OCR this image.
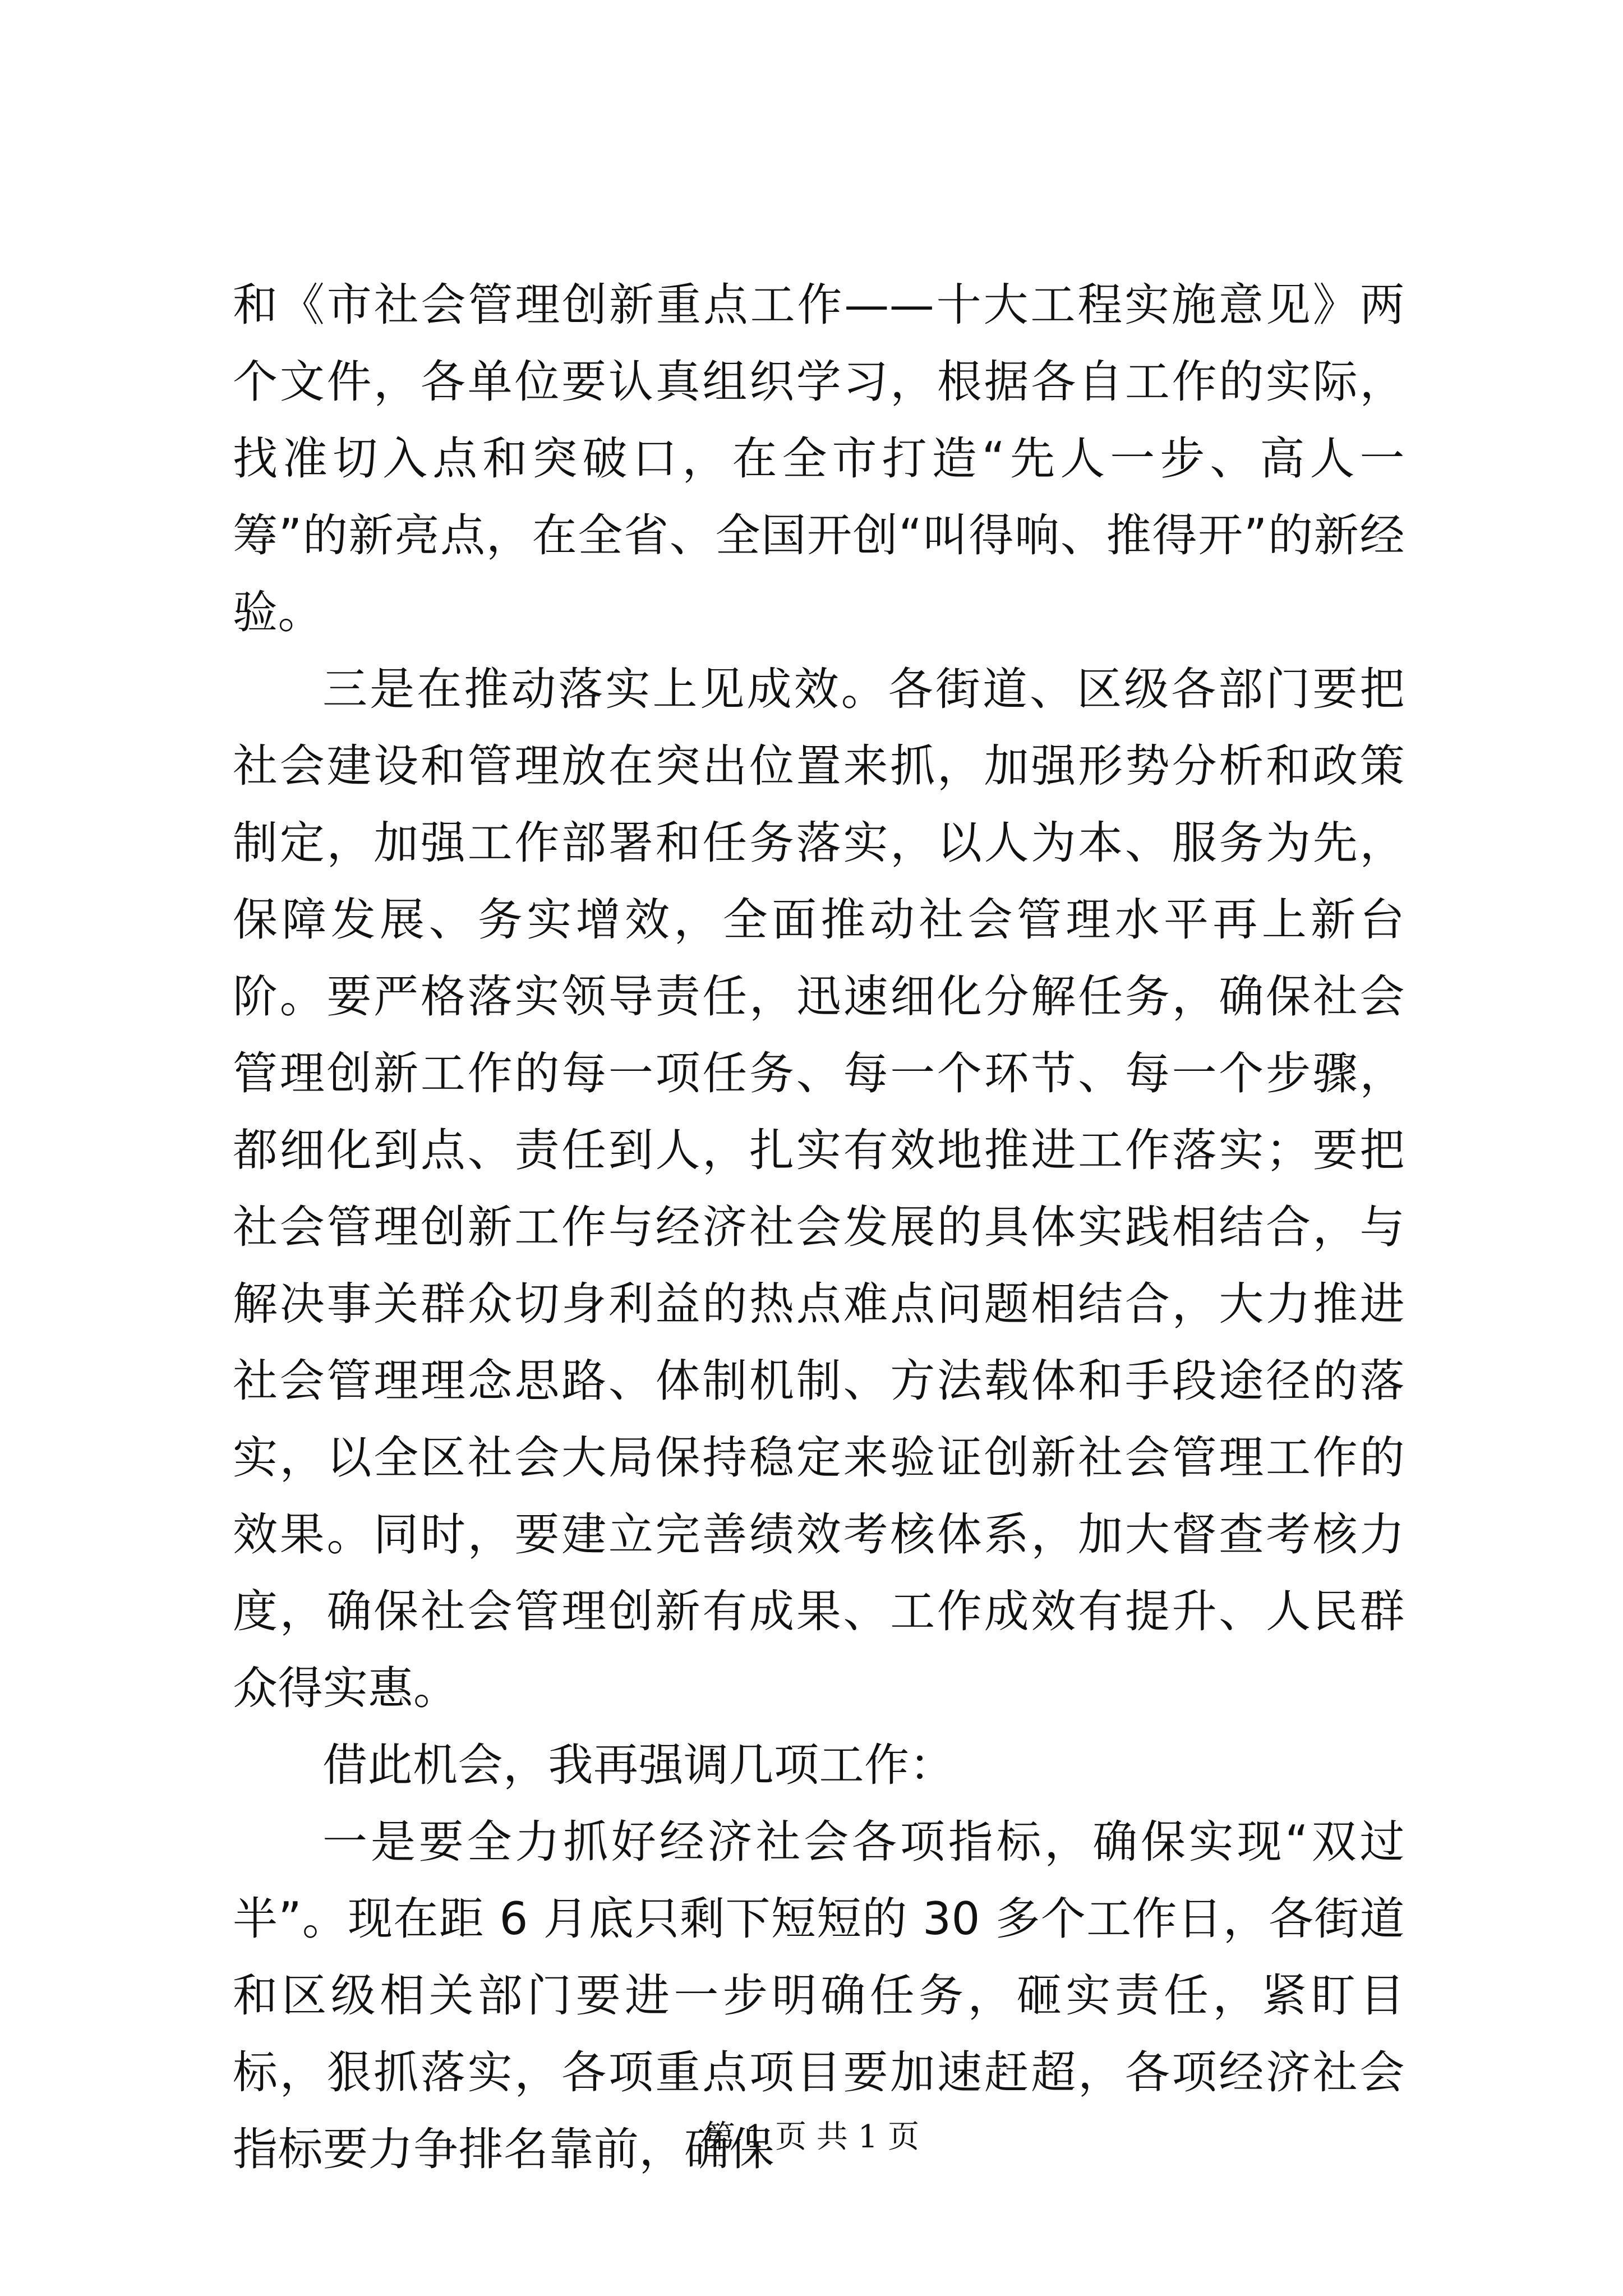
和《市社会管理创新重点工作——十大工程实施意见》两个文件，各单位要认真组织学习，根据各自工作的实际，找准切入点和突破口，在全市打造“先人一步、高人一筹”的新亮点，在全省、全国开创“叫得响、推得开”的新经验。

三是在推动落实上见成效。各街道、区级各部门要把社会建设和管理放在突出位置来抓，加强形势分析和政策制定，加强工作部署和任务落实，以人为本、服务为先，保障发展、务实增效，全面推动社会管理水平再上新台阶。要严格落实领导责任，迅速细化分解任务，确保社会管理创新工作的每一项任务、每一个环节、每一个步骤，都细化到点、责任到人，扎实有效地推进工作落实；要把社会管理创新工作与经济社会发展的具体实践相结合，与解决事关群众切身利益的热点难点问题相结合，大力推进社会管理理念思路、体制机制、方法载体和手段途径的落实，以全区社会大局保持稳定来验证创新社会管理工作的效果。同时，要建立完善绩效考核体系，加大督查考核力度，确保社会管理创新有成果、工作成效有提升、人民群众得实惠。

借此机会，我再强调几项工作：

一是要全力抓好经济社会各项指标，确保实现“双过半”。现在距 6 月底只剩下短短的 30 多个工作日，各街道和区级相关部门要进一步明确任务，砸实责任，紧盯目标，狠抓落实，各项重点项目要加速赶超，各项经济社会指标要力争排名靠前，确保

第 1 页 共 1 页
